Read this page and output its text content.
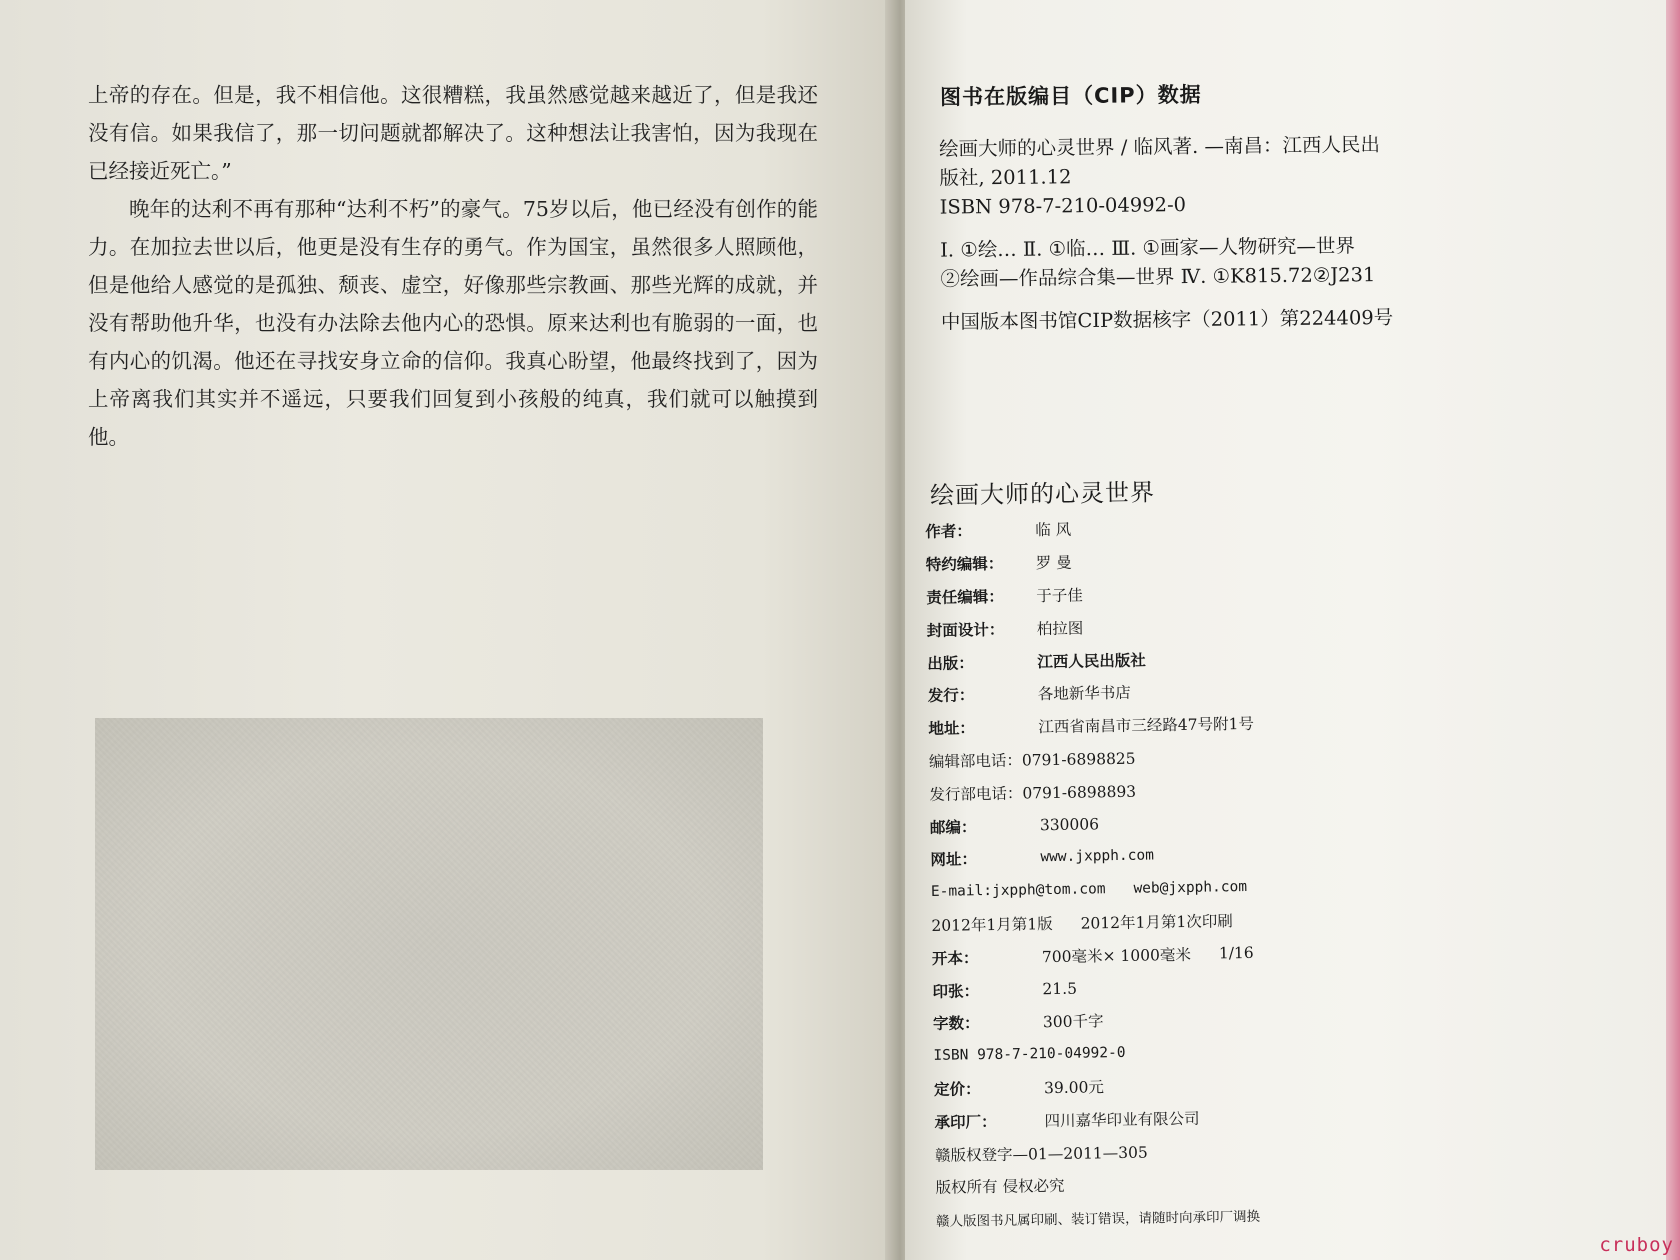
上帝的存在。但是，我不相信他。这很糟糕，我虽然感觉越来越近了，但是我还没有信。如果我信了，那一切问题就都解决了。这种想法让我害怕，因为我现在已经接近死亡。”

晚年的达利不再有那种“达利不朽”的豪气。75岁以后，他已经没有创作的能力。在加拉去世以后，他更是没有生存的勇气。作为国宝，虽然很多人照顾他，但是他给人感觉的是孤独、颓丧、虚空，好像那些宗教画、那些光辉的成就，并没有帮助他升华，也没有办法除去他内心的恐惧。原来达利也有脆弱的一面，也有内心的饥渴。他还在寻找安身立命的信仰。我真心盼望，他最终找到了，因为上帝离我们其实并不遥远，只要我们回复到小孩般的纯真，我们就可以触摸到他。

图书在版编目（CIP）数据
绘画大师的心灵世界 / 临风著. —南昌：江西人民出
版社, 2011.12
ISBN 978-7-210-04992-0
Ⅰ. ①绘… Ⅱ. ①临… Ⅲ. ①画家—人物研究—世界
②绘画—作品综合集—世界 Ⅳ. ①K815.72②J231
中国版本图书馆CIP数据核字（2011）第224409号
绘画大师的心灵世界
作者：	临 风
特约编辑：	罗 曼
责任编辑：	于子佳
封面设计：	柏拉图
出版：	江西人民出版社
发行：	各地新华书店
地址：	江西省南昌市三经路47号附1号
编辑部电话：0791-6898825
发行部电话：0791-6898893
邮编：	330006
网址：	www.jxpph.com
E-mail:jxpph@tom.com web@jxpph.com
2012年1月第1版 2012年1月第1次印刷
开本：	700毫米× 1000毫米 1/16
印张：	21.5
字数：	300千字
ISBN 978-7-210-04992-0
定价：	39.00元
承印厂：	四川嘉华印业有限公司
赣版权登字—01—2011—305
版权所有 侵权必究
赣人版图书凡属印刷、装订错误，请随时向承印厂调换
cruboy
